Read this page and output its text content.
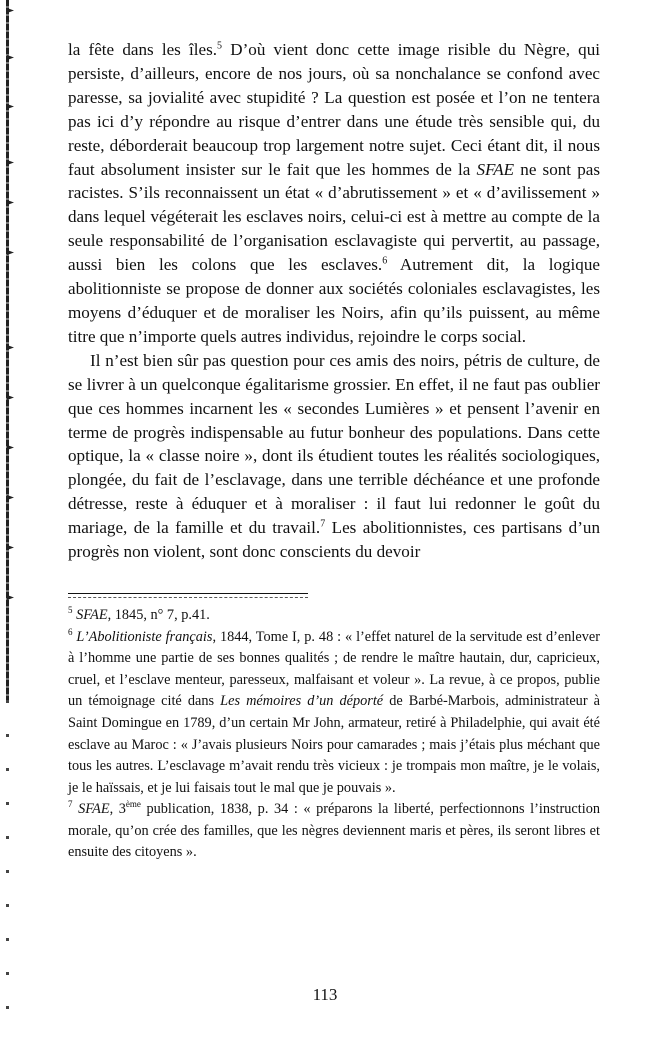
la fête dans les îles.$^5$ D’où vient donc cette image risible du Nègre, qui persiste, d’ailleurs, encore de nos jours, où sa nonchalance se confond avec paresse, sa jovialité avec stupidité ? La question est posée et l’on ne tentera pas ici d’y répondre au risque d’entrer dans une étude très sensible qui, du reste, déborderait beaucoup trop largement notre sujet. Ceci étant dit, il nous faut absolument insister sur le fait que les hommes de la SFAE ne sont pas racistes. S’ils reconnaissent un état « d’abrutissement » et « d’avilissement » dans lequel végéterait les esclaves noirs, celui-ci est à mettre au compte de la seule responsabilité de l’organisation esclavagiste qui pervertit, au passage, aussi bien les colons que les esclaves.$^6$ Autrement dit, la logique abolitionniste se propose de donner aux sociétés coloniales esclavagistes, les moyens d’éduquer et de moraliser les Noirs, afin qu’ils puissent, au même titre que n’importe quels autres individus, rejoindre le corps social.

Il n’est bien sûr pas question pour ces amis des noirs, pétris de culture, de se livrer à un quelconque égalitarisme grossier. En effet, il ne faut pas oublier que ces hommes incarnent les « secondes Lumières » et pensent l’avenir en terme de progrès indispensable au futur bonheur des populations. Dans cette optique, la « classe noire », dont ils étudient toutes les réalités sociologiques, plongée, du fait de l’esclavage, dans une terrible déchéance et une profonde détresse, reste à éduquer et à moraliser : il faut lui redonner le goût du mariage, de la famille et du travail.$^7$ Les abolitionnistes, ces partisans d’un progrès non violent, sont donc conscients du devoir

$^5$ SFAE, 1845, n° 7, p.41.

$^6$ L’Abolitioniste français, 1844, Tome I, p. 48 : « l’effet naturel de la servitude est d’enlever à l’homme une partie de ses bonnes qualités ; de rendre le maître hautain, dur, capricieux, cruel, et l’esclave menteur, paresseux, malfaisant et voleur ». La revue, à ce propos, publie un témoignage cité dans Les mémoires d’un déporté de Barbé-Marbois, administrateur à Saint Domingue en 1789, d’un certain Mr John, armateur, retiré à Philadelphie, qui avait été esclave au Maroc : « J’avais plusieurs Noirs pour camarades ; mais j’étais plus méchant que tous les autres. L’esclavage m’avait rendu très vicieux : je trompais mon maître, je le volais, je le haïssais, et je lui faisais tout le mal que je pouvais ».

$^7$ SFAE, 3ème publication, 1838, p. 34 : « préparons la liberté, perfectionnons l’instruction morale, qu’on crée des familles, que les nègres deviennent maris et pères, ils seront libres et ensuite des citoyens ».

113
